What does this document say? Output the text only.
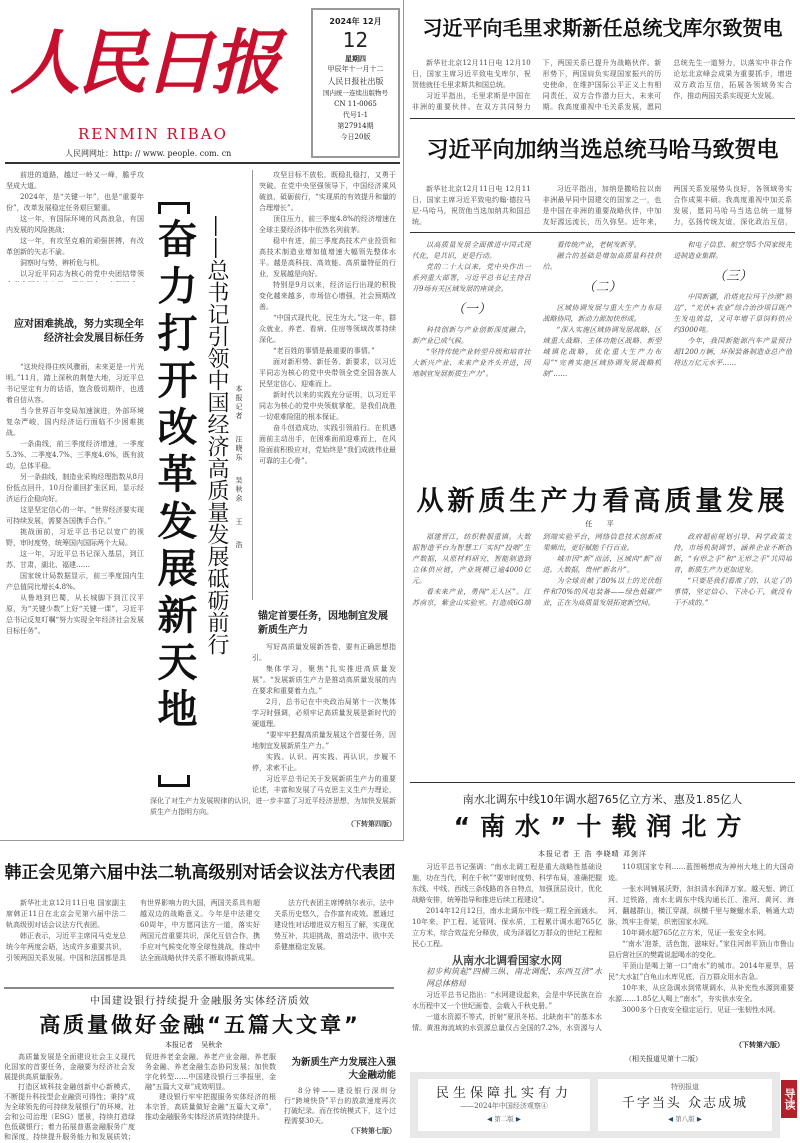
人民日报
RENMIN RIBAO
人民网网址：http: // www. people. com. cn
2024年 12月
12
星期四
甲辰年十一月十二
人民日报社出版
国内统一连续出版物号
CN 11-0065
代号1-1
第27914期
今日20版
习近平向毛里求斯新任总统戈库尔致贺电

新华社北京12月11日电 12月10日，国家主席习近平致电戈库尔，祝贺他就任毛里求斯共和国总统。

习近平指出，毛里求斯是中国在非洲的重要伙伴。在双方共同努力下，两国关系已提升为战略伙伴。新形势下，两国肩负实现国家振兴的历史使命，在维护国际公平正义上有相同责任，双方合作潜力巨大、未来可期。我高度重视中毛关系发展，愿同总统先生一道努力，以落实中非合作论坛北京峰会成果为重要抓手，增进双方政治互信，拓展各领域务实合作，推动两国关系实现更大发展。

习近平向加纳当选总统马哈马致贺电

新华社北京12月11日电 12月11日，国家主席习近平致电约翰·德拉马尼·马哈马，祝贺他当选加纳共和国总统。

习近平指出，加纳是撒哈拉以南非洲最早同中国建交的国家之一，也是中国在非洲的重要战略伙伴，中加友好源远流长，历久弥坚。近年来，两国关系发展势头良好，各领域务实合作成果丰硕。我高度重视中加关系发展，愿同马哈马当选总统一道努力，弘扬传统友谊，深化政治互信，

以高质量发展全面推进中国式现代化，是共识，更是行动。

党的二十大以来，党中央作出一系列重大部署，习近平总书记主持召开9场有关区域发展的座谈会。

（一）

科技创新与产业创新深度融合，新产业已成气候。

“坚持传统产业转型升级和培育壮大新兴产业、未来产业齐头并进，因地制宜发展新质生产力”。

看传统产业，老树发新芽。

融合的基础是增加高质量科技供给。

（二）

区域协调发展与重大生产力布局战略协同，新动力源加快形成。

“深入实施区域协调发展战略、区域重大战略、主体功能区战略、新型城镇化战略，优化重大生产力布局”“完善实施区域协调发展战略机制”……

和电子信息、航空等5个国家级先进制造业集群。

（三）

中国新疆，沿塔克拉玛干沙漠“锁边”，“光伏+农业”综合治沙项目既产生发电效益，又可年增干草饲料供应约3000吨。

今年，我国新能源汽车产量预计超1200万辆，环保装备制造业总产值将达万亿元水平……

从新质生产力看高质量发展
任 平

福建晋江，纺织鞋服重镇。大数据智造平台为智慧工厂实时“投喂”生产数据，从原材料研究、智能制造到立体供应链，产业规模已逾4000亿元。

看未来产业，勇闯“无人区”。江苏南京，紫金山实验室。打造成6G端到端实验平台，网络信息技术创新成果频出，更好赋能千行百业。

城市因“新”而活，区域向“新”而进。大数据，贵州“新名片”。

为全球贡献了80%以上的光伏组件和70%的风电装备——绿色低碳产业，正在为高质量发展拓宽新空间。

政府超前规划引导、科学政策支持，市场机制调节、涵养企业不断创新，“有形之手”和“无形之手”共同培育，新质生产力更加迸发。

“只要是我们看准了的、认定了的事情，坚定信心、下决心干，就没有干不成的。”

南水北调东中线10年调水超765亿立方米、惠及1.85亿人
“南水”十载润北方
本报记者 王 浩 李晓晴 邓剑洋

习近平总书记强调：“南水北调工程是重大战略性基础设施，功在当代，利在千秋”“要审时度势、科学布局，准确把握东线、中线、西线三条线路的各自特点，加强顶层设计，优化战略安排，统筹指导和推进后续工程建设”。

2014年12月12日，南水北调东中线一期工程全面通水。10年来，护工程、延管网、保水质，工程累计调水超765亿立方米，综合效益充分释放，成为泽福亿万群众的世纪工程和民心工程。

从南水北调看国家水网
初步构筑起“四横三纵、南北调配、东西互济”水网总体格局

习近平总书记指出：“水网建设起来，会是中华民族在治水历程中又一个世纪画卷，会载入千秋史册。”

一道水资源不等式，折射“夏汛冬枯、北缺南丰”的基本水情。黄淮海流域的水资源总量仅占全国的7.2%，水资源与人

110项国家专利……蓝图畅想成为神州大地上的大国奇迹。

一张水网铺展沃野，汩汩清水润泽万家。越天堑、跨江河、过铁路，南水北调东中线沟通长江、淮河、黄河、海河，翻越群山，横江穿湖，纵横千里与蜿蜒水系，畅通大动脉，筑牢主骨架，织密国家水网。

10年调水超765亿立方米，见证一张安全水网。

“‘南水’泡茶，活色饱，滋味好。”家住河南平顶山市鲁山县后营社区的樊霞说起喝水的变化。

平顶山是喝上第一口“南水”的城市。2014年夏旱，居民“大水缸”白龟山水库见底，百万群众用水告急。

10年来，从应急调水到常规调水，从补充性水源到重要水源……1.85亿人喝上“南水”，夯实供水安全。

3000多个日夜安全稳定运行，见证一张韧性水网。

（相关报道见第十二版）
（下转第六版）
民生保障扎实有力
——2024年中国经济观察④
◀ 第二版 ▶
特别报道
千字当头 众志成城
◀ 第八版 ▶
导读

前进的道路，越过一岭又一峰，膽乎攻坚成大道。

2024年，是“关键一年”，也是“重要年份”，改革发展稳定任务艰巨繁重。

这一年，有国际环境的风高浪急，有国内发展的风险挑战；

这一年，有攻坚克难的顽强拼搏，有改革创新的矢志不渝。

洞察时与势，辨析危与机。

以习近平同志为核心的党中央团结带领

应对困难挑战，努力实现全年经济社会发展目标任务

“这块经得住疾风骤雨，未来更是一片光明。”11月，踏上深秋的荆楚大地，习近平总书记坚定有力的话语，饱含殷切期许，也透着自信从容。

当今世界百年变局加速演进，外部环境复杂严峻，国内经济运行面临不少困难挑战。

一条曲线，前三季度经济增速，一季度5.3%、二季度4.7%、三季度4.6%，既有波动，总体平稳。

另一条曲线，制造业采购经理指数从8月份低点回升，10月份重回扩张区间，显示经济运行企稳向好。

这是坚定信心的一年。“世界经济要实现可持续发展，需要各国携手合作。”

挑战面前，习近平总书记以宽广的视野，审时度势，统筹国内国际两个大局。

这一年，习近平总书记深入基层，到江苏、甘肃、湖北、福建……

国家统计局数据显示，前三季度国内生产总值同比增长4.8%。

从鲁地到巴蜀，从长城脚下到江汉平原，为“关键少数”上好“关键一课”，习近平总书记反复叮嘱“努力实现全年经济社会发展目标任务”。	奋力打开改革发展新天地 ——总书记引领中国经济高质量发展砥砺前行 本报记者 汪晓东 吴秋余 王 浩

攻坚目标不放松，既稳扎稳打，又勇于突破。在党中央坚强领导下，中国经济乘风破浪、砥砺前行，“实现质的有效提升和量的合理增长”。

顶住压力，前三季度4.8%的经济增速在全球主要经济体中依然名列前茅。

稳中有进，前三季度高技术产业投资和高技术制造业增加值增速大幅领先整体水平。越是高科技、高效能、高质量特征的行业，发展越是向好。

特别是9月以来，经济运行出现的积极变化越来越多，市场信心增强，社会预期改善。

“中国式现代化，民生为大。”这一年，群众就业、养老、看病、住房等领域改革持续深化。

“老百姓的事情是最重要的事情。”

面对新形势、新任务、新要求，以习近平同志为核心的党中央带领全党全国各族人民坚定信心、迎难而上。

新时代以来的实践充分证明，以习近平同志为核心的党中央领航掌舵，是我们战胜一切艰难险阻的根本保证。

奋斗创造成功，实践引领前行。在机遇面前主动出手，在困难面前迎难而上，在风险面前积极应对，党始终是“我们成就伟业最可靠的主心骨”。

锚定首要任务，因地制宜发展新质生产力

写好高质量发展新答卷，要有正确思想指引。

集体学习，聚焦“扎实推进高质量发展”。“发展新质生产力是推动高质量发展的内在要求和重要着力点。”

2月，总书记在中央政治局第十一次集体学习时强调，必须牢记高质量发展是新时代的硬道理。

“要牢牢把握高质量发展这个首要任务，因地制宜发展新质生产力。”

实践、认识、再实践、再认识，步履不停，求索不止。

习近平总书记关于发展新质生产力的重要论述，丰富和发展了马克思主义生产力理论，深化了对生产力发展规律的认识，进一步丰富了习近平经济思想，为加快发展新质生产力指明方向。

（下转第四版）
韩正会见第六届中法二轨高级别对话会议法方代表团

新华社北京12月11日电 国家副主席韩正11日在北京会见第六届中法二轨高级别对话会议法方代表团。

韩正表示，习近平主席同马克龙总统今年两度会晤，达成许多重要共识，引领两国关系发展。中国和法国都是具有世界影响力的大国，两国关系具有超越双边的战略意义。今年是中法建交60周年，中方愿同法方一道，落实好两国元首重要共识，深化互信合作，携手应对气候变化等全球性挑战，推动中法全面战略伙伴关系不断取得新成果。

法方代表团主席博纳尔表示，法中关系历史悠久，合作富有成效。愿通过建设性对话增进双方相互了解，实现优势互补，共迎挑战，推动法中、欧中关系健康稳定发展。

中国建设银行持续提升金融服务实体经济质效
高质量做好金融“五篇大文章”
本报记者 吴秋余

高质量发展是全面建设社会主义现代化国家的首要任务，金融要为经济社会发展提供高质量服务。

打造区域科技金融创新中心新模式，不断提升科技型企业融资可得性；秉持“成为全球领先的可持续发展银行”的环境、社会和公司治理（ESG）愿景，持续打造绿色低碳银行；着力拓展普惠金融服务广度和深度，持续提升服务能力和发展质效；促进养老金金融、养老产业金融、养老服务金融、养老金融生态协同发展；加快数字化转型……中国建设银行三季报里，金融“五篇大文章”成效明显。

建设银行牢牢把握服务实体经济的根本宗旨，高质量做好金融“五篇大文章”，推动金融服务实体经济质效持续提升。

为新质生产力发展注入强大金融动能

8分钟——建设银行深圳分行“跨境快贷”平台的放款速度再次打破纪录。而在传统模式下，这个过程需要30天。

（下转第七版）
